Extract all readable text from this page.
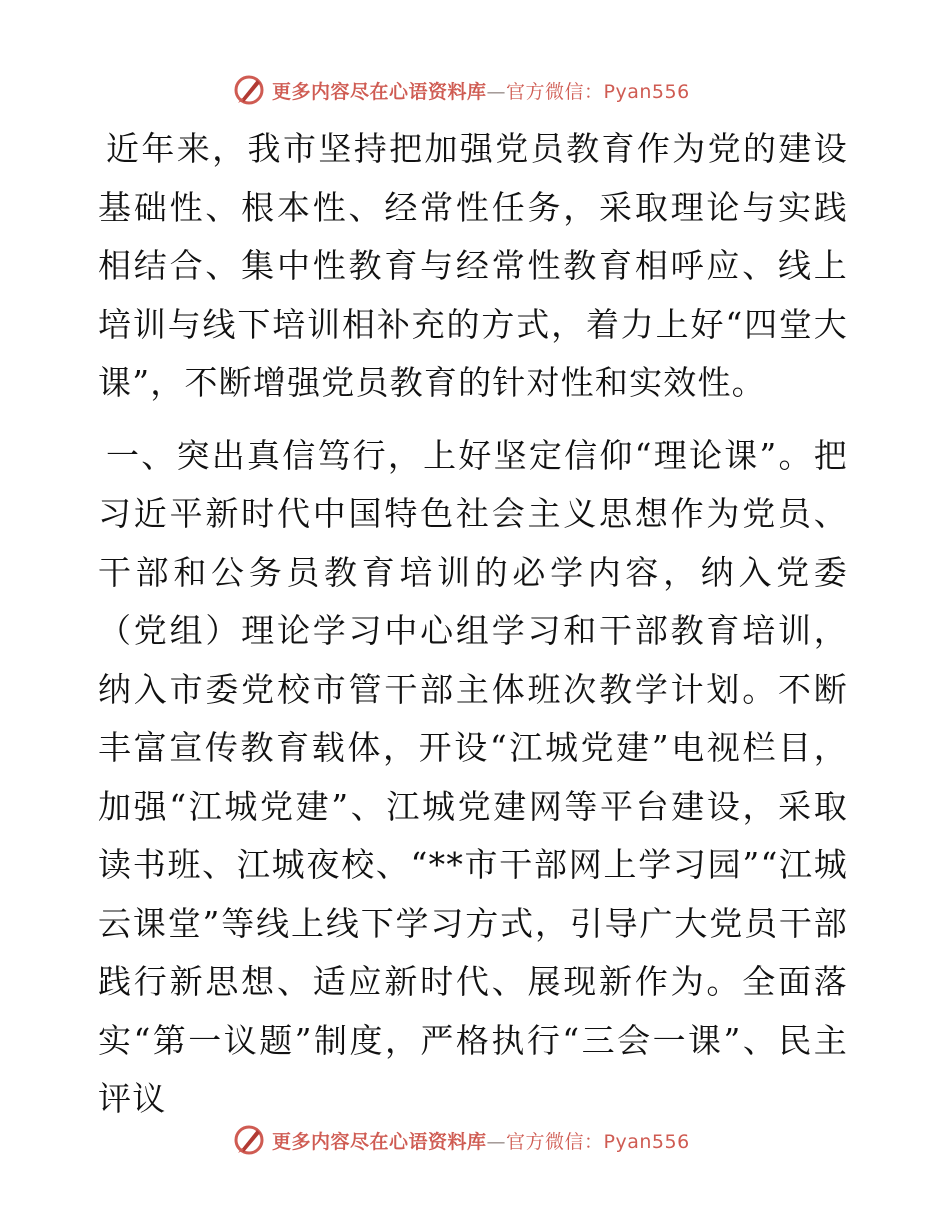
更多内容尽在心语资料库—官方微信：Pyan556

近年来，我市坚持把加强党员教育作为党的建设基础性、根本性、经常性任务，采取理论与实践相结合、集中性教育与经常性教育相呼应、线上培训与线下培训相补充的方式，着力上好“四堂大课”，不断增强党员教育的针对性和实效性。

一、突出真信笃行，上好坚定信仰“理论课”。把习近平新时代中国特色社会主义思想作为党员、干部和公务员教育培训的必学内容，纳入党委（党组）理论学习中心组学习和干部教育培训，纳入市委党校市管干部主体班次教学计划。不断丰富宣传教育载体，开设“江城党建”电视栏目，加强“江城党建”、江城党建网等平台建设，采取读书班、江城夜校、“**市干部网上学习园”“江城云课堂”等线上线下学习方式，引导广大党员干部践行新思想、适应新时代、展现新作为。全面落实“第一议题”制度，严格执行“三会一课”、民主评议

更多内容尽在心语资料库—官方微信：Pyan556
